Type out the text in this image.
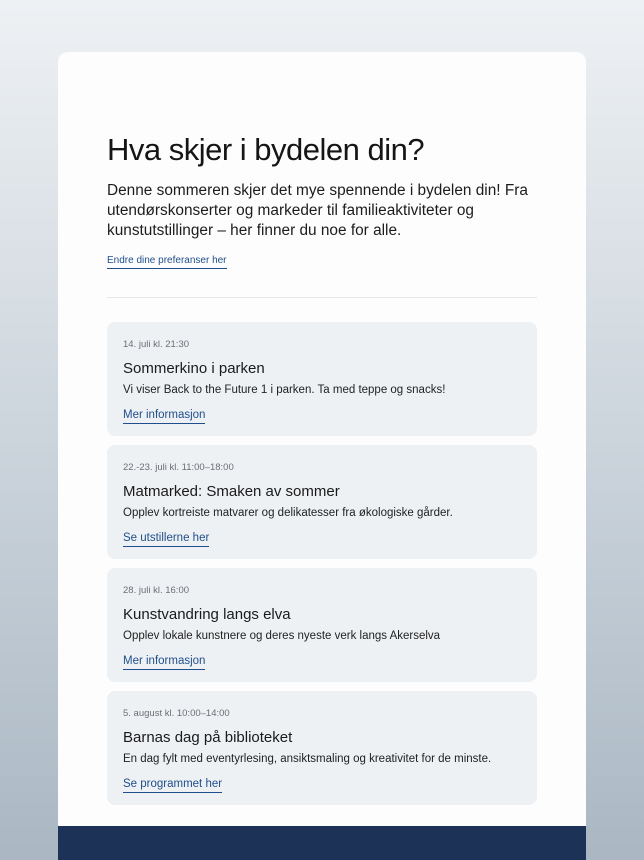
Hva skjer i bydelen din?

Denne sommeren skjer det mye spennende i bydelen din! Fra utendørskonserter og markeder til familieaktiviteter og kunstutstillinger – her finner du noe for alle.

Endre dine preferanser her
14. juli kl. 21:30
Sommerkino i parken
Vi viser Back to the Future 1 i parken. Ta med teppe og snacks!
Mer informasjon
22.-23. juli kl. 11:00–18:00
Matmarked: Smaken av sommer
Opplev kortreiste matvarer og delikatesser fra økologiske gårder.
Se utstillerne her
28. juli kl. 16:00
Kunstvandring langs elva
Opplev lokale kunstnere og deres nyeste verk langs Akerselva
Mer informasjon
5. august kl. 10:00–14:00
Barnas dag på biblioteket
En dag fylt med eventyrlesing, ansiktsmaling og kreativitet for de minste.
Se programmet her
